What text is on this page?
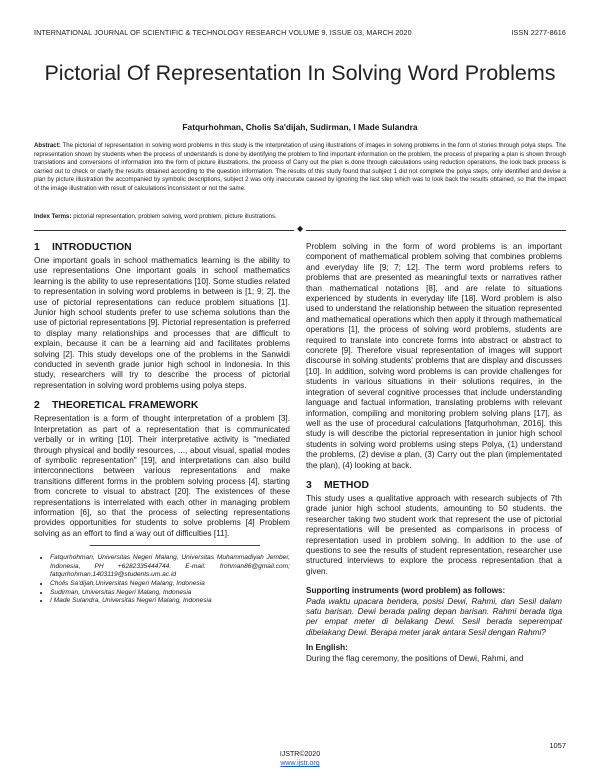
INTERNATIONAL JOURNAL OF SCIENTIFIC & TECHNOLOGY RESEARCH VOLUME 9, ISSUE 03, MARCH 2020	ISSN 2277-8616
Pictorial Of Representation In Solving Word Problems
Fatqurhohman, Cholis Sa'dijah, Sudirman, I Made Sulandra
Abstract: The pictorial of representation in solving word problems in this study is the interpretation of using illustrations of images in solving problems in the form of stories through polya steps. The representation shown by students when the process of understands is done by identifying the problem to find important information on the problem, the process of preparing a plan is shown through translations and conversions of information into the form of picture illustrations, the process of Carry out the plan is done through calculations using reduction operations, the look back process is carried out to check or clarify the results obtained according to the question information. The results of this study found that subject 1 did not complete the polya steps, only identified and devise a plan by picture illustration the accompanied by symbolic descriptions, subject 2 was only inaccurate caused by ignoring the last step which was to look back the results obtained, so that the impact of the image illustration with result of calculations inconsistent or not the same.
Index Terms: pictorial representation, problem solving, word problem, picture illustrations.
◆
1 INTRODUCTION

One important goals in school mathematics learning is the ability to use representations One important goals in school mathematics learning is the ability to use representations [10]. Some studies related to representation in solving word problems in between is [1; 9; 2]. the use of pictorial representations can reduce problem situations [1]. Junior high school students prefer to use schema solutions than the use of pictorial representations [9]. Pictorial representation is preferred to display many relationships and processes that are difficult to explain, because it can be a learning aid and facilitates problems solving [2]. This study develops one of the problems in the Sanwidi conducted in seventh grade junior high school in Indonesia. In this study, researchers will try to describe the process of pictorial representation in solving word problems using polya steps.

2 THEORETICAL FRAMEWORK

Representation is a form of thought interpretation of a problem [3]. Interpretation as part of a representation that is communicated verbally or in writing [10]. Their interpretative activity is "mediated through physical and bodily resources, ..., about visual, spatial modes of symbolic representation" [19], and interpretations can also build interconnections between various representations and make transitions different forms in the problem solving process [4], starting from concrete to visual to abstract [20]. The existences of these representations is interrelated with each other in managing problem information [6], so that the process of selecting representations provides opportunities for students to solve problems [4] Problem solving as an effort to find a way out of difficulties [11].

• Fatqurhohman, Universitas Negeri Malang, Universitas Muhammadiyah Jember, Indonesia, PH +6282335444744. E-mail: frohman86@gmail.com; fatqurhohman.1403119@students.um.ac.id
• Cholis Sa'dijah,Universitas Negeri Malang, Indonesia
• Sudirman, Universitas Negeri Malang, Indonesia
• I Made Sulandra, Universitas Negeri Malang, Indonesia

Problem solving in the form of word problems is an important component of mathematical problem solving that combines problems and everyday life [9; 7; 12]. The term word problems refers to problems that are presented as meaningful texts or narratives rather than mathematical notations [8], and are relate to situations experienced by students in everyday life [18]. Word problem is also used to understand the relationship between the situation represented and mathematical operations which then apply it through mathematical operations [1], the process of solving word problems, students are required to translate into concrete forms into abstract or abstract to concrete [9]. Therefore visual representation of images will support discourse in solving students' problems that are display and discusses [10]. In addition, solving word problems is can provide challenges for students in various situations in their solutions requires, in the integration of several cognitive processes that include understanding language and factual information, translating problems with relevant information, compiling and monitoring problem solving plans [17], as well as the use of procedural calculations [fatqurhohman, 2016]. this study is will describe the pictorial representation in junior high school students in solving word problems using steps Polya, (1) understand the problems, (2) devise a plan, (3) Carry out the plan (implementated the plan), (4) looking at back.

3 METHOD

This study uses a qualitative approach with research subjects of 7th grade junior high school students, amounting to 50 students. the researcher taking two student work that represent the use of pictorial representations will be presented as comparisons in process of representation used in problem solving. In addition to the use of questions to see the results of student representation, researcher use structured interviews to explore the process representation that a given.

Supporting instruments (word problem) as follows:

Pada waktu upacara bendera, posisi Dewi, Rahmi, dan Sesil dalam satu barisan. Dewi berada paling depan barisan. Rahmi berada tiga per empat meter di belakang Dewi. Sesil berada seperempat dibelakang Dewi. Berapa meter jarak antara Sesil dengan Rahmi?

In English:

During the flag ceremony, the positions of Dewi, Rahmi, and

1057
IJSTR©2020
www.ijstr.org
